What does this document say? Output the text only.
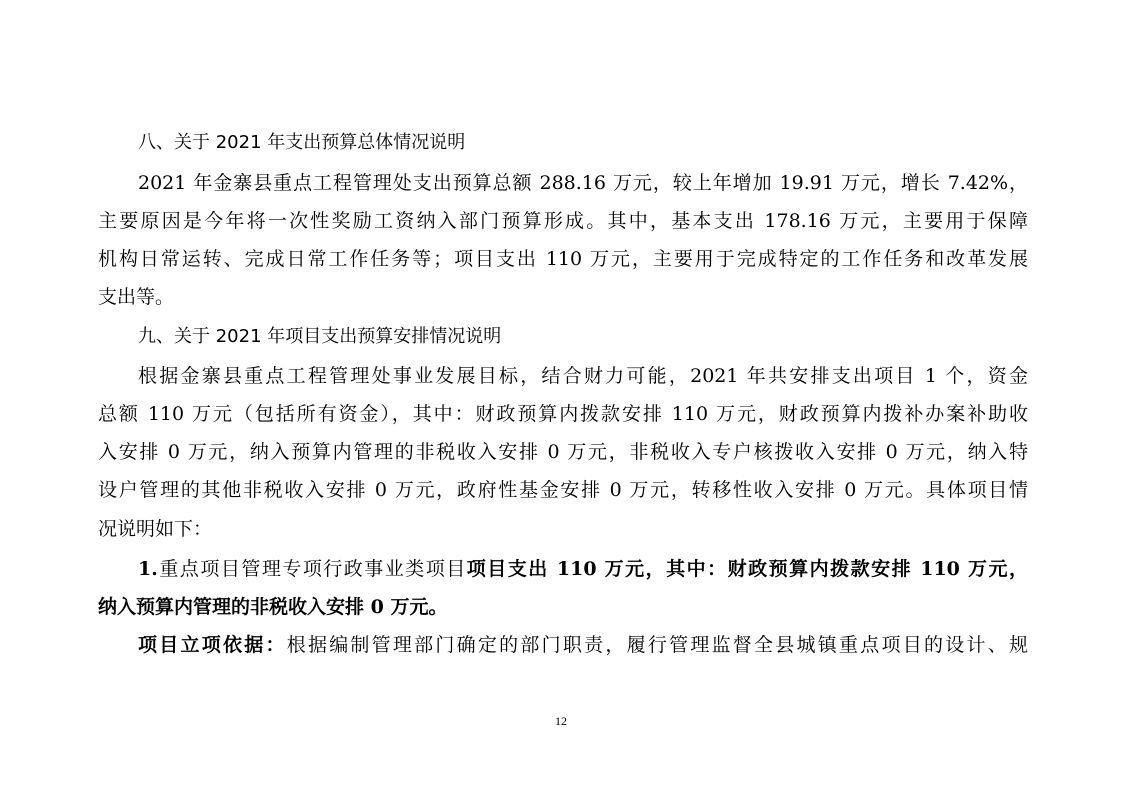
八、关于 2021 年支出预算总体情况说明
2021 年金寨县重点工程管理处支出预算总额 288.16 万元，较上年增加 19.91 万元，增长 7.42%，
主要原因是今年将一次性奖励工资纳入部门预算形成。其中，基本支出 178.16 万元，主要用于保障
机构日常运转、完成日常工作任务等；项目支出 110 万元，主要用于完成特定的工作任务和改革发展
支出等。
九、关于 2021 年项目支出预算安排情况说明
根据金寨县重点工程管理处事业发展目标，结合财力可能，2021 年共安排支出项目 1 个，资金
总额 110 万元（包括所有资金），其中：财政预算内拨款安排 110 万元，财政预算内拨补办案补助收
入安排 0 万元，纳入预算内管理的非税收入安排 0 万元，非税收入专户核拨收入安排 0 万元，纳入特
设户管理的其他非税收入安排 0 万元，政府性基金安排 0 万元，转移性收入安排 0 万元。具体项目情
况说明如下：
1.重点项目管理专项行政事业类项目项目支出 110 万元，其中：财政预算内拨款安排 110 万元，
纳入预算内管理的非税收入安排 0 万元。
项目立项依据：根据编制管理部门确定的部门职责，履行管理监督全县城镇重点项目的设计、规
12
